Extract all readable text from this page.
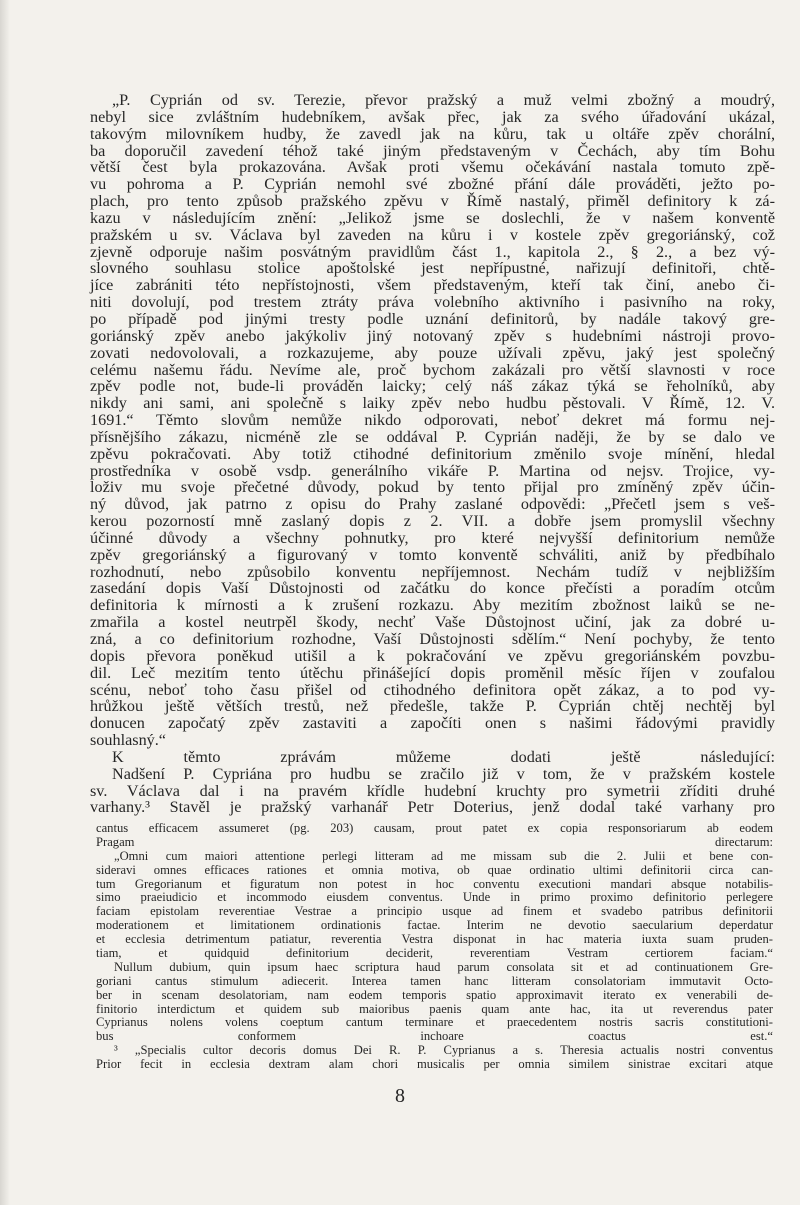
„P. Cyprián od sv. Terezie, převor pražský a muž velmi zbožný a moudrý,
nebyl sice zvláštním hudebníkem, avšak přec, jak za svého úřadování ukázal,
takovým milovníkem hudby, že zavedl jak na kůru, tak u oltáře zpěv chorální,
ba doporučil zavedení téhož také jiným představeným v Čechách, aby tím Bohu
větší čest byla prokazována. Avšak proti všemu očekávání nastala tomuto zpě-
vu pohroma a P. Cyprián nemohl své zbožné přání dále prováděti, ježto po-
plach, pro tento způsob pražského zpěvu v Římě nastalý, přiměl definitory k zá-
kazu v následujícím znění: „Jelikož jsme se doslechli, že v našem konventě
pražském u sv. Václava byl zaveden na kůru i v kostele zpěv gregoriánský, což
zjevně odporuje našim posvátným pravidlům část 1., kapitola 2., § 2., a bez vý-
slovného souhlasu stolice apoštolské jest nepřípustné, nařizují definitoři, chtě-
jíce zabrániti této nepřístojnosti, všem představeným, kteří tak činí, anebo či-
niti dovolují, pod trestem ztráty práva volebního aktivního i pasivního na roky,
po případě pod jinými tresty podle uznání definitorů, by nadále takový gre-
goriánský zpěv anebo jakýkoliv jiný notovaný zpěv s hudebními nástroji provo-
zovati nedovolovali, a rozkazujeme, aby pouze užívali zpěvu, jaký jest společný
celému našemu řádu. Nevíme ale, proč bychom zakázali pro větší slavnosti v roce
zpěv podle not, bude-li prováděn laicky; celý náš zákaz týká se řeholníků, aby
nikdy ani sami, ani společně s laiky zpěv nebo hudbu pěstovali. V Římě, 12. V.
1691.“ Těmto slovům nemůže nikdo odporovati, neboť dekret má formu nej-
přísnějšího zákazu, nicméně zle se oddával P. Cyprián naději, že by se dalo ve
zpěvu pokračovati. Aby totiž ctihodné definitorium změnilo svoje mínění, hledal
prostředníka v osobě vsdp. generálního vikáře P. Martina od nejsv. Trojice, vy-
loživ mu svoje přečetné důvody, pokud by tento přijal pro zmíněný zpěv účin-
ný důvod, jak patrno z opisu do Prahy zaslané odpovědi: „Přečetl jsem s veš-
kerou pozorností mně zaslaný dopis z 2. VII. a dobře jsem promyslil všechny
účinné důvody a všechny pohnutky, pro které nejvyšší definitorium nemůže
zpěv gregoriánský a figurovaný v tomto konventě schváliti, aniž by předbíhalo
rozhodnutí, nebo způsobilo konventu nepříjemnost. Nechám tudíž v nejbližším
zasedání dopis Vaší Důstojnosti od začátku do konce přečísti a poradím otcům
definitoria k mírnosti a k zrušení rozkazu. Aby mezitím zbožnost laiků se ne-
zmařila a kostel neutrpěl škody, nechť Vaše Důstojnost učiní, jak za dobré u-
zná, a co definitorium rozhodne, Vaší Důstojnosti sdělím.“ Není pochyby, že tento
dopis převora poněkud utišil a k pokračování ve zpěvu gregoriánském povzbu-
dil. Leč mezitím tento útěchu přinášející dopis proměnil měsíc říjen v zoufalou
scénu, neboť toho času přišel od ctihodného definitora opět zákaz, a to pod vy-
hrůžkou ještě větších trestů, než předešle, takže P. Cyprián chtěj nechtěj byl
donucen započatý zpěv zastaviti a započíti onen s našimi řádovými pravidly
souhlasný.“
K těmto zprávám můžeme dodati ještě následující:
Nadšení P. Cypriána pro hudbu se zračilo již v tom, že v pražském kostele
sv. Václava dal i na pravém křídle hudební kruchty pro symetrii zříditi druhé
varhany.³ Stavěl je pražský varhanář Petr Doterius, jenž dodal také varhany pro
cantus efficacem assumeret (pg. 203) causam, prout patet ex copia responsoriarum ab eodem
Pragam directarum:
„Omni cum maiori attentione perlegi litteram ad me missam sub die 2. Julii et bene con-
sideravi omnes efficaces rationes et omnia motiva, ob quae ordinatio ultimi definitorii circa can-
tum Gregorianum et figuratum non potest in hoc conventu executioni mandari absque notabilis-
simo praeiudicio et incommodo eiusdem conventus. Unde in primo proximo definitorio perlegere
faciam epistolam reverentiae Vestrae a principio usque ad finem et svadebo patribus definitorii
moderationem et limitationem ordinationis factae. Interim ne devotio saecularium deperdatur
et ecclesia detrimentum patiatur, reverentia Vestra disponat in hac materia iuxta suam pruden-
tiam, et quidquid definitorium deciderit, reverentiam Vestram certiorem faciam.“
Nullum dubium, quin ipsum haec scriptura haud parum consolata sit et ad continuationem Gre-
goriani cantus stimulum adiecerit. Interea tamen hanc litteram consolatoriam immutavit Octo-
ber in scenam desolatoriam, nam eodem temporis spatio approximavit iterato ex venerabili de-
finitorio interdictum et quidem sub maioribus paenis quam ante hac, ita ut reverendus pater
Cyprianus nolens volens coeptum cantum terminare et praecedentem nostris sacris constitutioni-
bus conformem inchoare coactus est.“
³ „Specialis cultor decoris domus Dei R. P. Cyprianus a s. Theresia actualis nostri conventus
Prior fecit in ecclesia dextram alam chori musicalis per omnia similem sinistrae excitari atque
8
